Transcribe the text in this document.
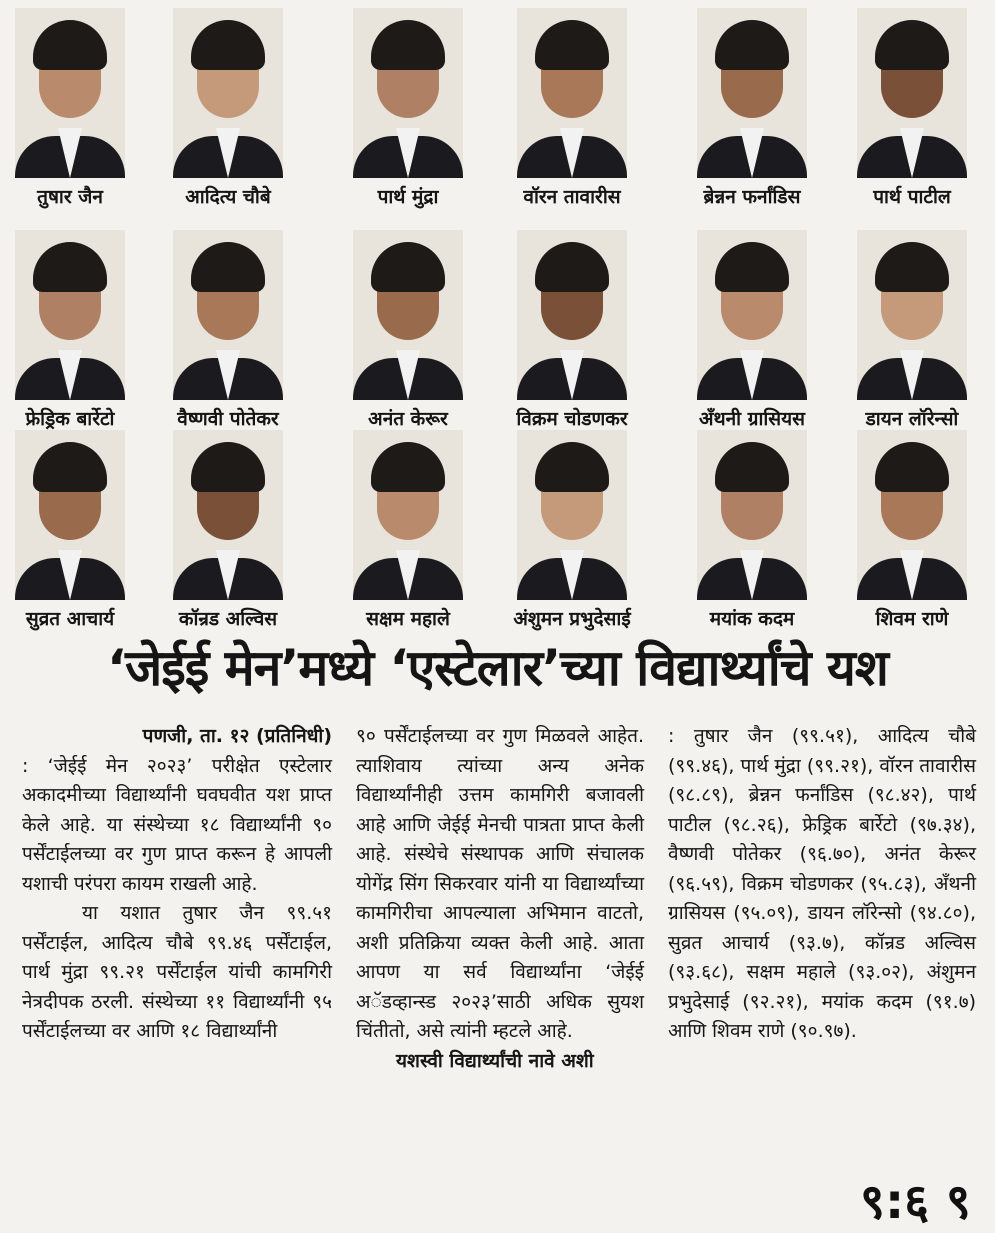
तुषार जैन	आदित्य चौबे	पार्थ मुंद्रा	वॉरन तावारीस	ब्रेन्नन फर्नांडिस	पार्थ पाटील
फ्रेड्रिक बार्रेटो	वैष्णवी पोतेकर	अनंत केरूर	विक्रम चोडणकर	अँथनी ग्रासियस	डायन लॉरेन्सो
सुव्रत आचार्य	कॉन्रड अल्विस	सक्षम महाले	अंशुमन प्रभुदेसाई	मयांक कदम	शिवम राणे
‘जेईई मेन’मध्ये ‘एस्टेलार’च्या विद्यार्थ्यांचे यश

पणजी, ता. १२ (प्रतिनिधी)

: ‘जेईई मेन २०२३’ परीक्षेत एस्टेलार अकादमीच्या विद्यार्थ्यांनी घवघवीत यश प्राप्त केले आहे. या संस्थेच्या १८ विद्यार्थ्यांनी ९० पर्सेंटाईलच्या वर गुण प्राप्त करून हे आपली यशाची परंपरा कायम राखली आहे.

या यशात तुषार जैन ९९.५१ पर्सेंटाईल, आदित्य चौबे ९९.४६ पर्सेंटाईल, पार्थ मुंद्रा ९९.२१ पर्सेंटाईल यांची कामगिरी नेत्रदीपक ठरली. संस्थेच्या ११ विद्यार्थ्यांनी ९५ पर्सेंटाईलच्या वर आणि १८ विद्यार्थ्यांनी

९० पर्सेंटाईलच्या वर गुण मिळवले आहेत. त्याशिवाय त्यांच्या अन्य अनेक विद्यार्थ्यांनीही उत्तम कामगिरी बजावली आहे आणि जेईई मेनची पात्रता प्राप्त केली आहे. संस्थेचे संस्थापक आणि संचालक योगेंद्र सिंग सिकरवार यांनी या विद्यार्थ्यांच्या कामगिरीचा आपल्याला अभिमान वाटतो, अशी प्रतिक्रिया व्यक्त केली आहे. आता आपण या सर्व विद्यार्थ्यांना ‘जेईई अॅडव्हान्स्ड २०२३’साठी अधिक सुयश चिंतीतो, असे त्यांनी म्हटले आहे.

यशस्वी विद्यार्थ्यांची नावे अशी

: तुषार जैन (९९.५१), आदित्य चौबे (९९.४६), पार्थ मुंद्रा (९९.२१), वॉरन तावारीस (९८.८९), ब्रेन्नन फर्नांडिस (९८.४२), पार्थ पाटील (९८.२६), फ्रेड्रिक बार्रेटो (९७.३४), वैष्णवी पोतेकर (९६.७०), अनंत केरूर (९६.५९), विक्रम चोडणकर (९५.८३), अँथनी ग्रासियस (९५.०९), डायन लॉरेन्सो (९४.८०), सुव्रत आचार्य (९३.७), कॉन्रड अल्विस (९३.६८), सक्षम महाले (९३.०२), अंशुमन प्रभुदेसाई (९२.२१), मयांक कदम (९१.७) आणि शिवम राणे (९०.९७).

९:६ ९
